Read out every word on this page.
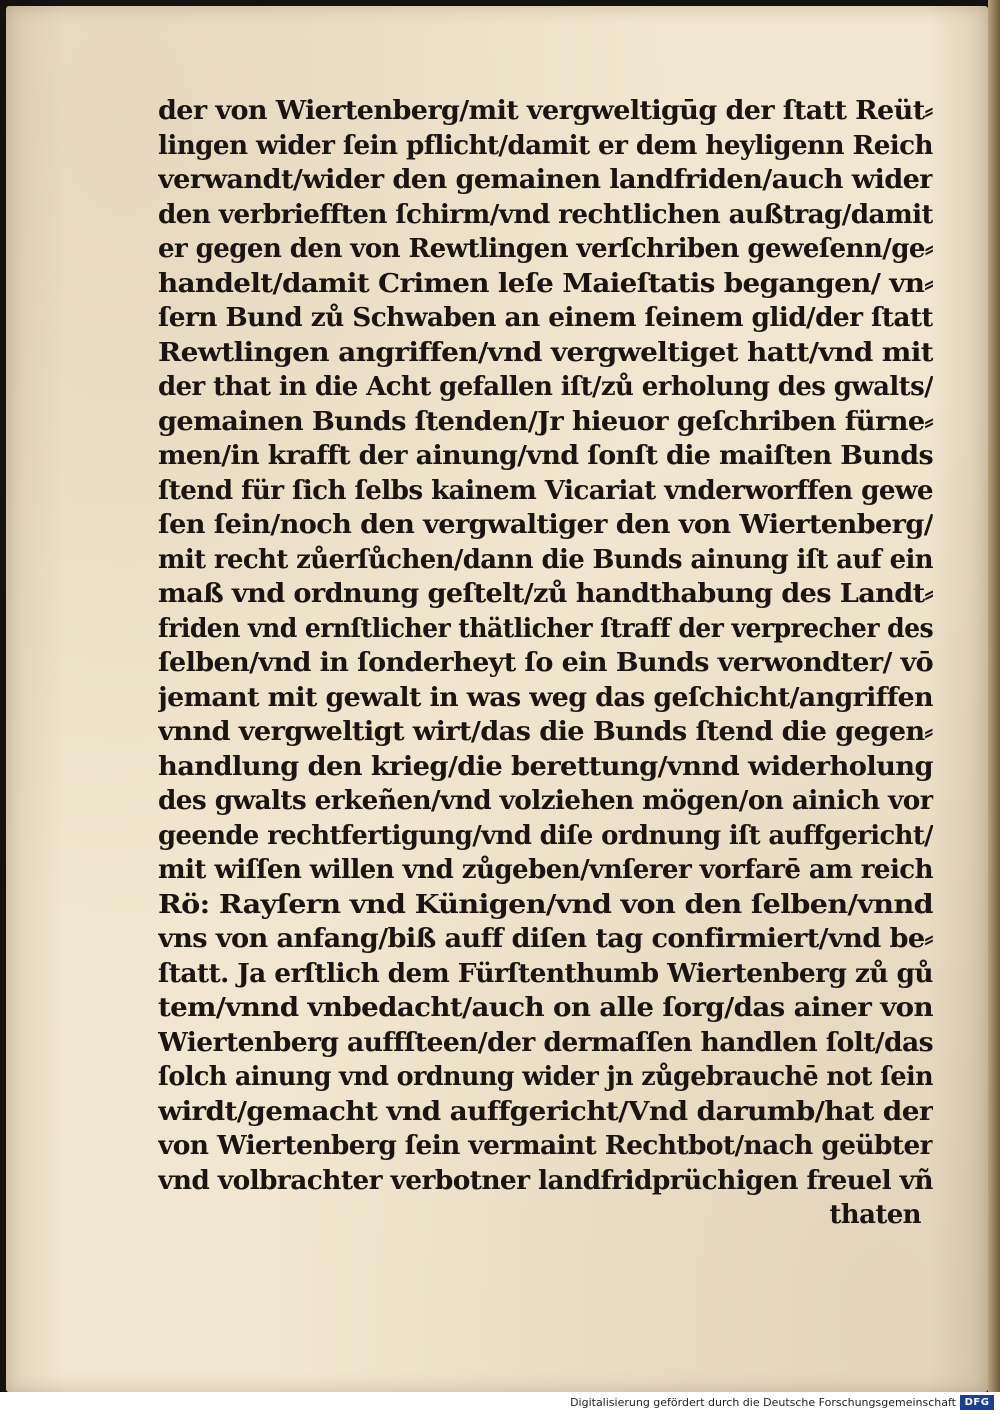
der von Wiertenberg/mit vergweltigūg der ſtatt Reüt⸗
lingen wider ſein pflicht/damit er dem heyligenn Reich
verwandt/wider den gemainen landfriden/auch wider
den verbriefften ſchirm/vnd rechtlichen außtrag/damit
er gegen den von Rewtlingen verſchriben geweſenn/ge⸗
handelt/damit Crimen leſe Maieſtatis begangen/ vn⸗
ſern Bund zů Schwaben an einem ſeinem glid/der ſtatt
Rewtlingen angriffen/vnd vergweltiget hatt/vnd mit
der that in die Acht gefallen iſt/zů erholung des gwalts/
gemainen Bunds ſtenden/Jr hieuor geſchriben fürne⸗
men/in krafft der ainung/vnd ſonſt die maiſten Bunds
ſtend für ſich ſelbs kainem Vicariat vnderworffen gewe
ſen ſein/noch den vergwaltiger den von Wiertenberg/
mit recht zůerſůchen/dann die Bunds ainung iſt auf ein
maß vnd ordnung geſtelt/zů handthabung des Landt⸗
friden vnd ernſtlicher thätlicher ſtraff der verprecher des
ſelben/vnd in ſonderheyt ſo ein Bunds verwondter/ vō
jemant mit gewalt in was weg das geſchicht/angriffen
vnnd vergweltigt wirt/das die Bunds ſtend die gegen⸗
handlung den krieg/die berettung/vnnd widerholung
des gwalts erkeñen/vnd volziehen mögen/on ainich vor
geende rechtfertigung/vnd diſe ordnung iſt auffgericht/
mit wiſſen willen vnd zůgeben/vnſerer vorfarē am reich
Rö: Rayſern vnd Künigen/vnd von den ſelben/vnnd
vns von anfang/biß auff diſen tag confirmiert/vnd be⸗
ſtatt. Ja erſtlich dem Fürſtenthumb Wiertenberg zů gů
tem/vnnd vnbedacht/auch on alle ſorg/das ainer von
Wiertenberg auffſteen/der dermaſſen handlen ſolt/das
ſolch ainung vnd ordnung wider jn zůgebrauchē not ſein
wirdt/gemacht vnd auffgericht/Vnd darumb/hat der
von Wiertenberg ſein vermaint Rechtbot/nach geübter
vnd volbrachter verbotner landfridprüchigen freuel vñ
thaten
Digitalisierung gefördert durch die Deutsche Forschungsgemeinschaft DFG
